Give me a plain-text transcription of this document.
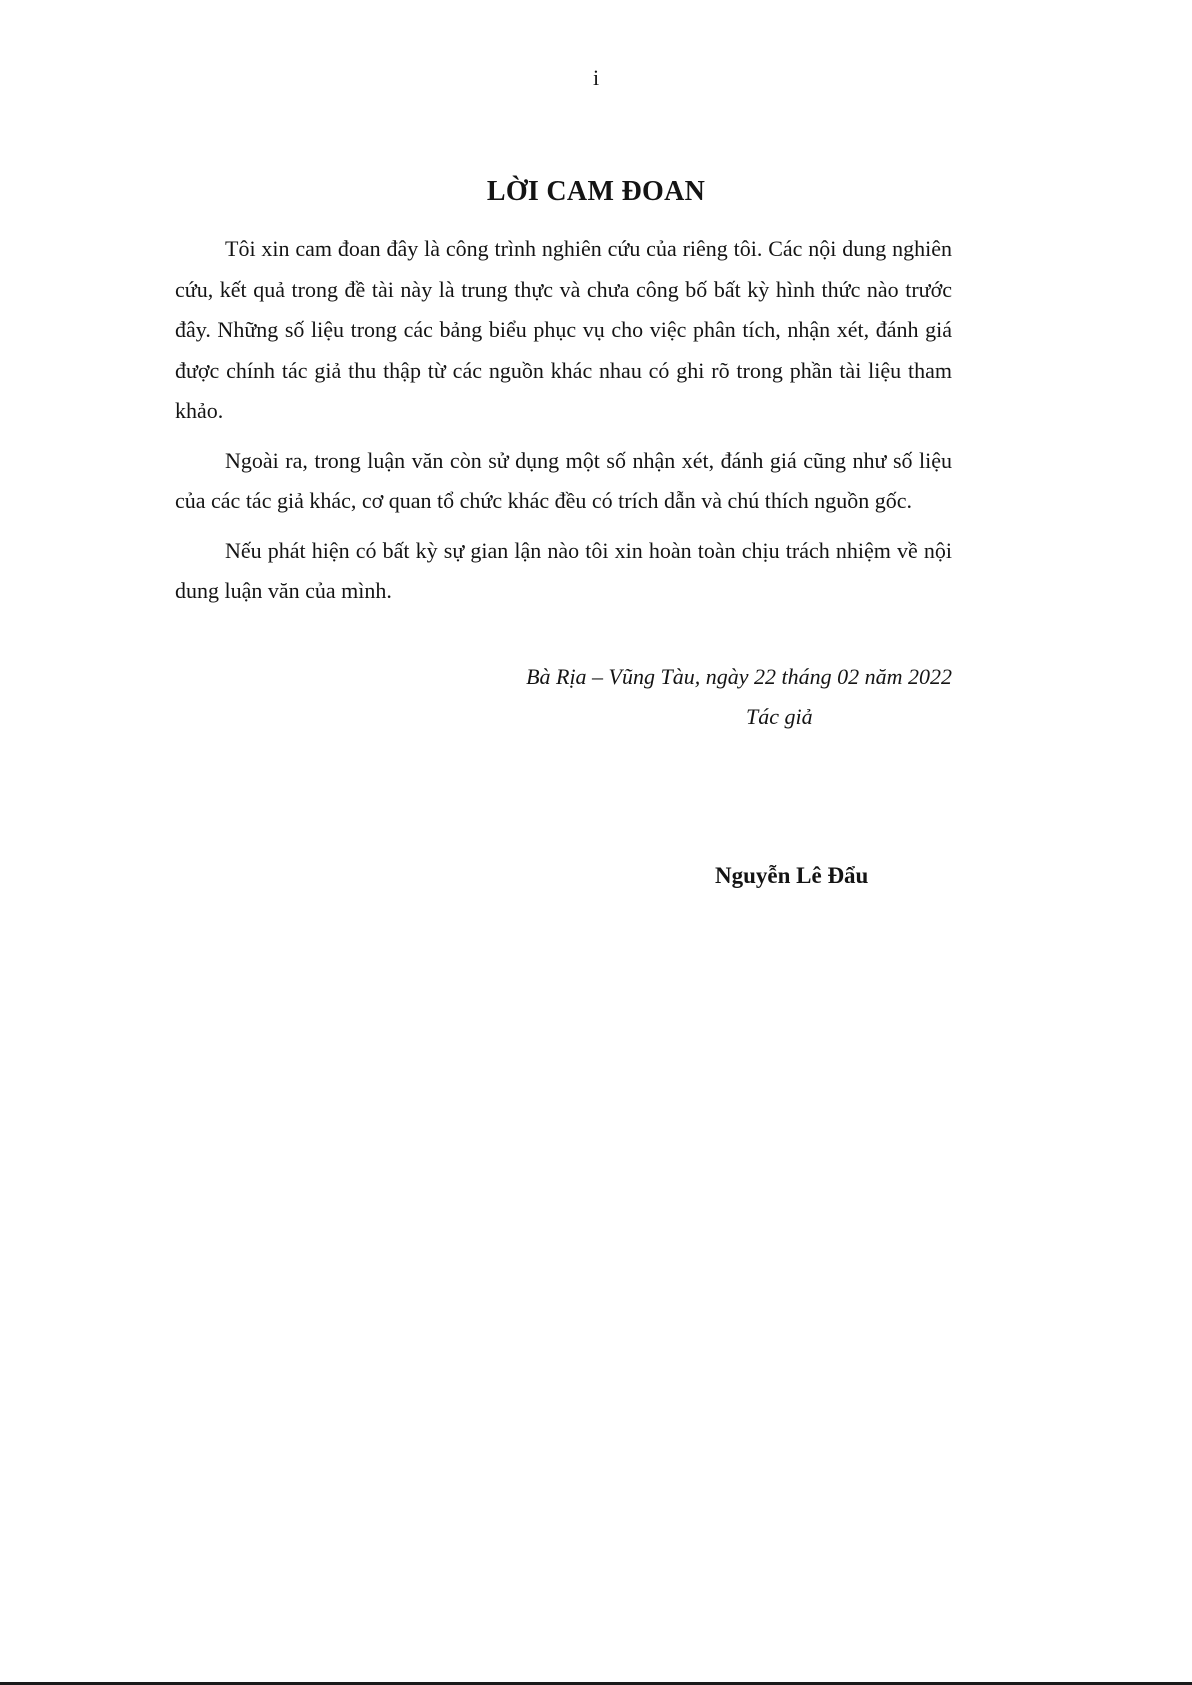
i
LỜI CAM ĐOAN

Tôi xin cam đoan đây là công trình nghiên cứu của riêng tôi. Các nội dung nghiên cứu, kết quả trong đề tài này là trung thực và chưa công bố bất kỳ hình thức nào trước đây. Những số liệu trong các bảng biểu phục vụ cho việc phân tích, nhận xét, đánh giá được chính tác giả thu thập từ các nguồn khác nhau có ghi rõ trong phần tài liệu tham khảo.

Ngoài ra, trong luận văn còn sử dụng một số nhận xét, đánh giá cũng như số liệu của các tác giả khác, cơ quan tổ chức khác đều có trích dẫn và chú thích nguồn gốc.

Nếu phát hiện có bất kỳ sự gian lận nào tôi xin hoàn toàn chịu trách nhiệm về nội dung luận văn của mình.

Bà Rịa – Vũng Tàu, ngày 22 tháng 02 năm 2022
Tác giả
Nguyễn Lê Đẩu
